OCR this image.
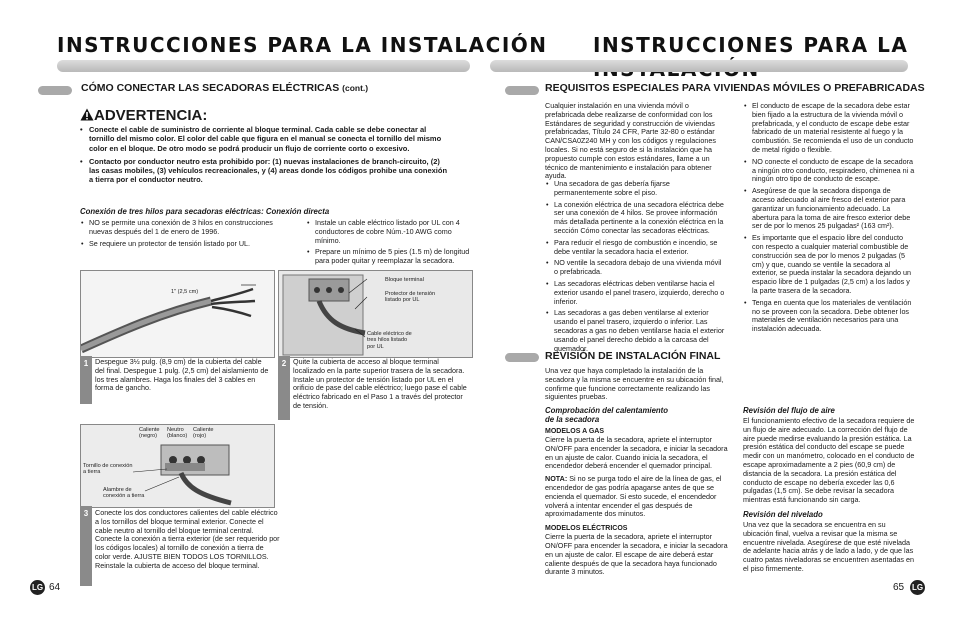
INSTRUCCIONES PARA LA INSTALACIÓN
CÓMO CONECTAR LAS SECADORAS ELÉCTRICAS (cont.)
ADVERTENCIA:
• Conecte el cable de suministro de corriente al bloque terminal. Cada cable se debe conectar al tornillo del mismo color. El color del cable que figura en el manual se conecta el tornillo del mismo color en el bloque. De otro modo se podrá producir un flujo de corriente corto o excesivo.
• Contacto por conductor neutro esta prohibido por: (1) nuevas instalaciones de branch-circuito, (2) las casas mobiles, (3) vehículos recreacionales, y (4) areas donde los códigos prohibe una conexión a tierra por el conductor neutro.
Conexión de tres hilos para secadoras eléctricas: Conexión directa
• NO se permite una conexión de 3 hilos en construcciones nuevas después del 1 de enero de 1996.
• Se requiere un protector de tensión listado por UL.
• Instale un cable eléctrico listado por UL con 4 conductores de cobre Núm.-10 AWG como mínimo.
• Prepare un mínimo de 5 pies (1.5 m) de longitud para poder quitar y reemplazar la secadora.
1" (2,5 cm)
1 Despegue 3½ pulg. (8,9 cm) de la cubierta del cable del final. Despegue 1 pulg. (2,5 cm) del aislamiento de los tres alambres. Haga los finales del 3 cables en forma de gancho.
Bloque terminal
Protector de tensión listado por UL
Cable eléctrico de tres hilos listado por UL
2 Quite la cubierta de acceso al bloque terminal localizado en la parte superior trasera de la secadora. Instale un protector de tensión listado por UL en el orificio de pase del cable eléctrico; luego pase el cable eléctrico fabricado en el Paso 1 a través del protector de tensión.
Caliente (negro)
Neutro (blanco)
Caliente (rojo)
Tornillo de conexión a tierra
Alambre de conexión a tierra
3 Conecte los dos conductores calientes del cable eléctrico a los tornillos del bloque terminal exterior. Conecte el cable neutro al tornillo del bloque terminal central. Conecte la conexión a tierra exterior (de ser requerido por los códigos locales) al tornillo de conexión a tierra de color verde. AJUSTE BIEN TODOS LOS TORNILLOS. Reinstale la cubierta de acceso del bloque terminal.
LG 64
INSTRUCCIONES PARA LA
REQUISITOS ESPECIALES PARA VIVIENDAS MÓVILES O PREFABRICADAS
Cualquier instalación en una vivienda móvil o prefabricada debe realizarse de conformidad con los Estándares de seguridad y construcción de viviendas prefabricadas, Título 24 CFR, Parte 32-80 o estándar CAN/CSA0Z240 MH y con los códigos y regulaciones locales. Si no está seguro de si la instalación que ha propuesto cumple con estos estándares, llame a un técnico de mantenimiento e instalación para obtener ayuda.
• Una secadora de gas debería fijarse permanentemente sobre el piso.
• La conexión eléctrica de una secadora eléctrica debe ser una conexión de 4 hilos. Se provee información más detallada pertinente a la conexión eléctrica en la sección Cómo conectar las secadoras eléctricas.
• Para reducir el riesgo de combustión e incendio, se debe ventilar la secadora hacia el exterior.
• NO ventile la secadora debajo de una vivienda móvil o prefabricada.
• Las secadoras eléctricas deben ventilarse hacia el exterior usando el panel trasero, izquierdo, derecho o inferior.
• Las secadoras a gas deben ventilarse al exterior usando el panel trasero, izquierdo o inferior. Las secadoras a gas no deben ventilarse hacia el exterior usando el panel derecho debido a la carcasa del quemador.
• El conducto de escape de la secadora debe estar bien fijado a la estructura de la vivienda móvil o prefabricada, y el conducto de escape debe estar fabricado de un material resistente al fuego y la combustión. Se recomienda el uso de un conducto de metal rígido o flexible.
• NO conecte el conducto de escape de la secadora a ningún otro conducto, respiradero, chimenea ni a ningún otro tipo de conducto de escape.
• Asegúrese de que la secadora disponga de acceso adecuado al aire fresco del exterior para garantizar un funcionamiento adecuado. La abertura para la toma de aire fresco exterior debe ser de por lo menos 25 pulgadas² (163 cm²).
• Es importante que el espacio libre del conducto con respecto a cualquier material combustible de construcción sea de por lo menos 2 pulgadas (5 cm) y que, cuando se ventile la secadora al exterior, se pueda instalar la secadora dejando un espacio libre de 1 pulgadas (2,5 cm) a los lados y la parte trasera de la secadora.
• Tenga en cuenta que los materiales de ventilación no se proveen con la secadora. Debe obtener los materiales de ventilación necesarios para una instalación adecuada.
REVISIÓN DE INSTALACIÓN FINAL
Una vez que haya completado la instalación de la secadora y la misma se encuentre en su ubicación final, confirme que funcione correctamente realizando las siguientes pruebas.
Comprobación del calentamiento de la secadora
MODELOS A GAS
Cierre la puerta de la secadora, apriete el interruptor ON/OFF para encender la secadora, e iniciar la secadora en un ajuste de calor. Cuando inicia la secadora, el encendedor deberá encender el quemador principal.
NOTA: Si no se purga todo el aire de la línea de gas, el encendedor de gas podría apagarse antes de que se encienda el quemador. Si esto sucede, el encendedor volverá a intentar encender el gas después de aproximadamente dos minutos.
MODELOS ELÉCTRICOS
Cierre la puerta de la secadora, apriete el interruptor ON/OFF para encender la secadora, e iniciar la secadora en un ajuste de calor. El escape de aire deberá estar caliente después de que la secadora haya funcionado durante 3 minutos.
Revisión del flujo de aire
El funcionamiento efectivo de la secadora requiere de un flujo de aire adecuado. La corrección del flujo de aire puede medirse evaluando la presión estática. La presión estática del conducto del escape se puede medir con un manómetro, colocado en el conducto de escape aproximadamente a 2 pies (60,9 cm) de distancia de la secadora. La presión estática del conducto de escape no debería exceder las 0,6 pulgadas (1,5 cm). Se debe revisar la secadora mientras está funcionando sin carga.
Revisión del nivelado
Una vez que la secadora se encuentra en su ubicación final, vuelva a revisar que la misma se encuentre nivelada. Asegúrese de que esté nivelada de adelante hacia atrás y de lado a lado, y de que las cuatro patas niveladoras se encuentren asentadas en el piso firmemente.
65 LG
